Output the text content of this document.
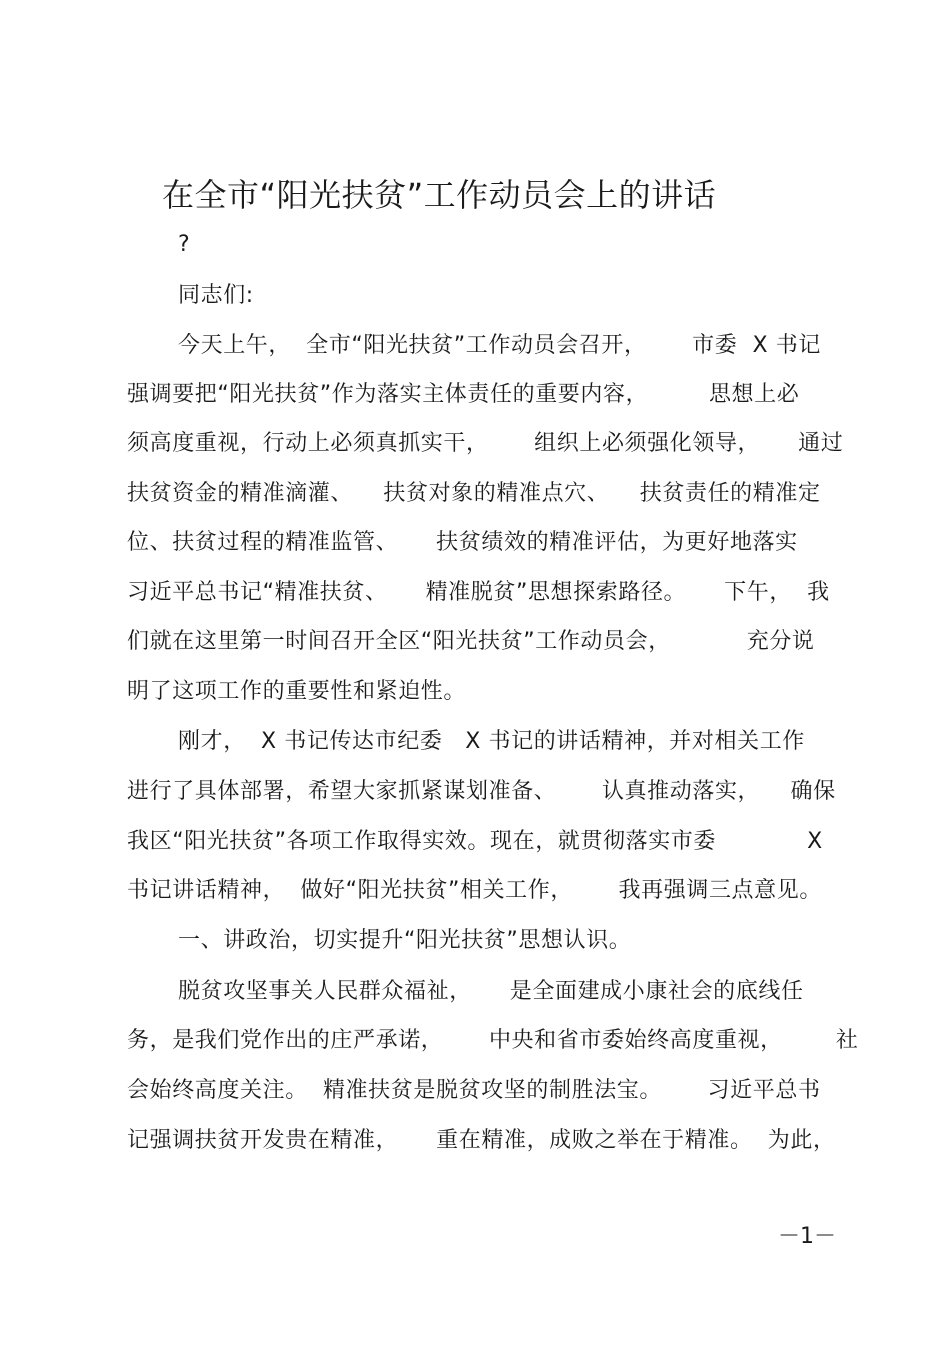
在全市“阳光扶贫”工作动员会上的讲话
?
同志们:
今天上午，  全市“阳光扶贫”工作动员会召开，      市委  X 书记
强调要把“阳光扶贫”作为落实主体责任的重要内容，        思想上必
须高度重视，行动上必须真抓实干，      组织上必须强化领导，     通过
扶贫资金的精准滴灌、    扶贫对象的精准点穴、    扶贫责任的精准定
位、扶贫过程的精准监管、     扶贫绩效的精准评估，为更好地落实
习近平总书记“精准扶贫、     精准脱贫”思想探索路径。     下午，  我
们就在这里第一时间召开全区“阳光扶贫”工作动员会，          充分说
明了这项工作的重要性和紧迫性。
刚才，  X 书记传达市纪委   X 书记的讲话精神，并对相关工作
进行了具体部署，希望大家抓紧谋划准备、      认真推动落实，    确保
我区“阳光扶贫”各项工作取得实效。现在，就贯彻落实市委            X
书记讲话精神，  做好“阳光扶贫”相关工作，      我再强调三点意见。
一、讲政治，切实提升“阳光扶贫”思想认识。
脱贫攻坚事关人民群众福祉，     是全面建成小康社会的底线任
务，是我们党作出的庄严承诺，      中央和省市委始终高度重视，       社
会始终高度关注。  精准扶贫是脱贫攻坚的制胜法宝。      习近平总书
记强调扶贫开发贵在精准，     重在精准，成败之举在于精准。  为此，
－1－
